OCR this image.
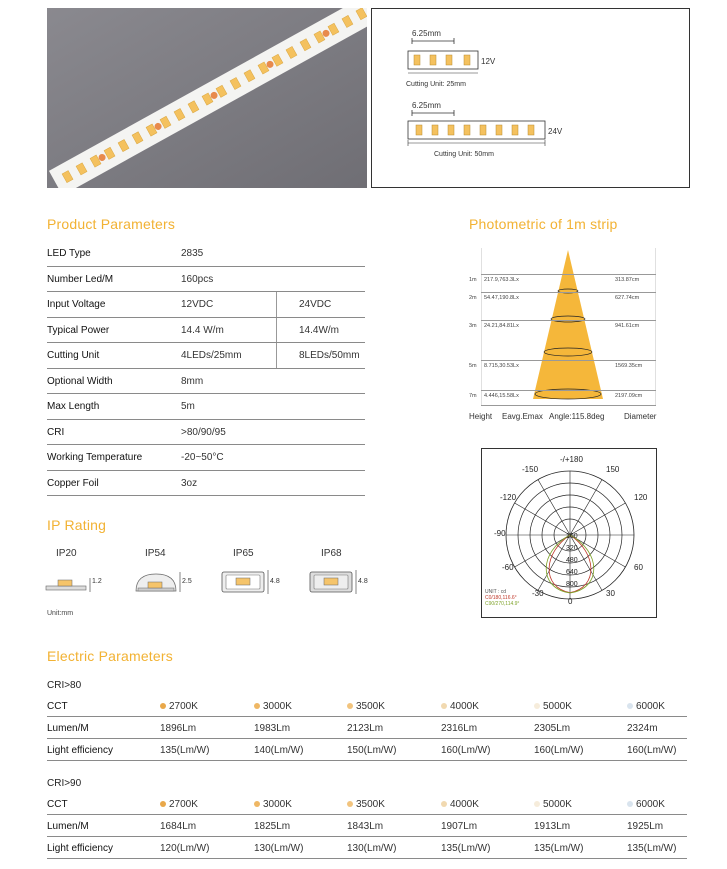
6.25mm
12V
Cutting Unit: 25mm
6.25mm
24V
Cutting Unit: 50mm
Product Parameters
LED Type	2835
Number Led/M	160pcs
Input Voltage	12VDC	24VDC
Typical Power	14.4 W/m	14.4W/m
Cutting Unit	4LEDs/25mm	8LEDs/50mm
Optional Width	8mm
Max Length	5m
CRI	>80/90/95
Working Temperature	-20~50°C
Copper Foil	3oz
Photometric of 1m strip
1m 217.9,763.3Lx	313.87cm
2m 54.47,190.8Lx	627.74cm
3m 24.21,84.81Lx	941.61cm
5m 8.715,30.53Lx	1569.35cm
7m 4.446,15.58Lx	2197.09cm
Height Eavg.Emax Angle:115.8deg Diameter
-/+180
-150	150
-120	120
-90
-60	60
-30	30
0
160
320
480
640
800
UNIT : cd
C0/180,116.6°
C90/270,114.9°
IP Rating
IP20	IP54	IP65	IP68
1.2	2.5	4.8	4.8
Unit:mm
Electric Parameters
CRI>80
CCT	2700K	3000K	3500K	4000K	5000K	6000K
Lumen/M	1896Lm	1983Lm	2123Lm	2316Lm	2305Lm	2324m
Light efficiency	135(Lm/W)	140(Lm/W)	150(Lm/W)	160(Lm/W)	160(Lm/W)	160(Lm/W)
CRI>90
CCT	2700K	3000K	3500K	4000K	5000K	6000K
Lumen/M	1684Lm	1825Lm	1843Lm	1907Lm	1913Lm	1925Lm
Light efficiency	120(Lm/W)	130(Lm/W)	130(Lm/W)	135(Lm/W)	135(Lm/W)	135(Lm/W)
